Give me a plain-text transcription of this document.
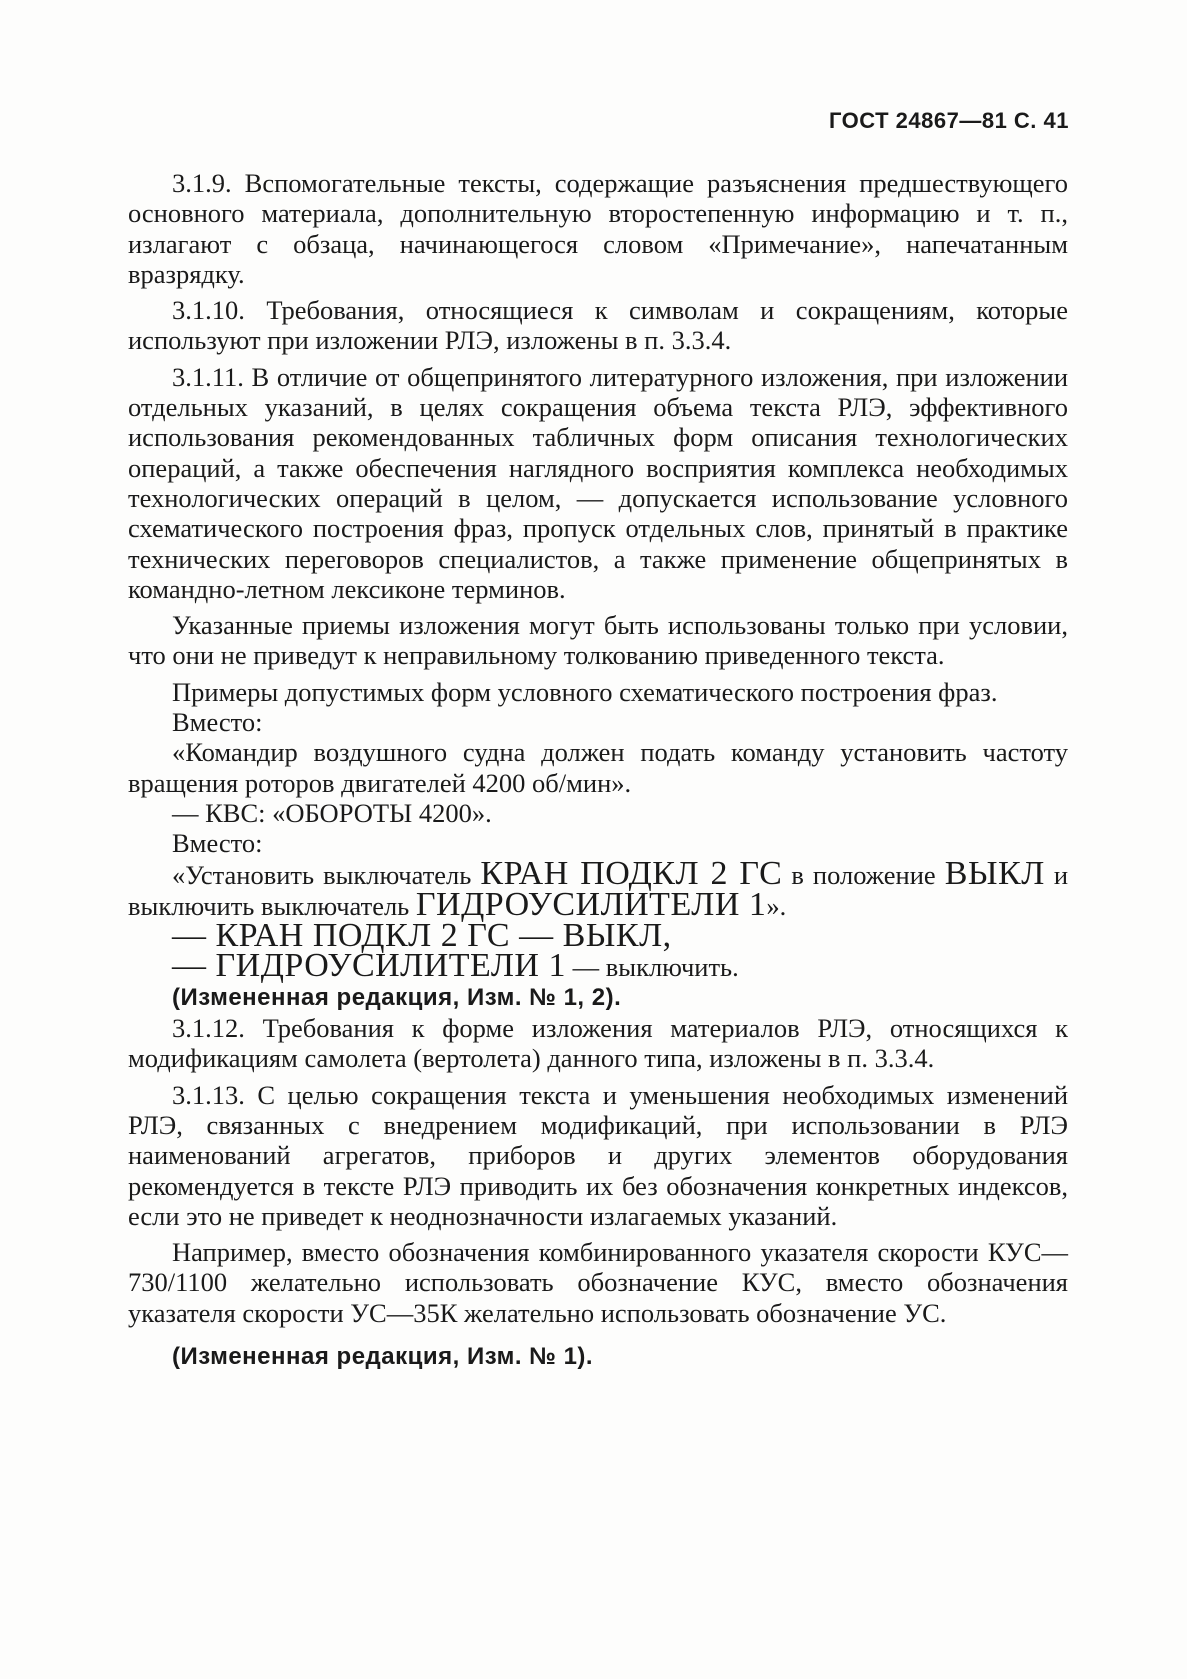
ГОСТ 24867—81 С. 41

3.1.9. Вспомогательные тексты, содержащие разъяснения предшествующего основного материала, дополнительную второстепенную информацию и т. п., излагают с обзаца, начинающегося словом «Примечание», напечатанным вразрядку.

3.1.10. Требования, относящиеся к символам и сокращениям, которые используют при изложении РЛЭ, изложены в п. 3.3.4.

3.1.11. В отличие от общепринятого литературного изложения, при изложении отдельных указаний, в целях сокращения объема текста РЛЭ, эффективного использования рекомендованных табличных форм описания технологических операций, а также обеспечения наглядного восприятия комплекса необходимых технологических операций в целом, — допускается использование условного схематического построения фраз, пропуск отдельных слов, принятый в практике технических переговоров специалистов, а также применение общепринятых в командно-летном лексиконе терминов.

Указанные приемы изложения могут быть использованы только при условии, что они не приведут к неправильному толкованию приведенного текста.

Примеры допустимых форм условного схематического построения фраз.

Вместо:

«Командир воздушного судна должен подать команду установить частоту вращения роторов двигателей 4200 об/мин».

— КВС: «ОБОРОТЫ 4200».

Вместо:

«Установить выключатель КРАН ПОДКЛ 2 ГС в положение ВЫКЛ и выключить выключатель ГИДРОУСИЛИТЕЛИ 1».

— КРАН ПОДКЛ 2 ГС — ВЫКЛ,

— ГИДРОУСИЛИТЕЛИ 1 — выключить.

(Измененная редакция, Изм. № 1, 2).

3.1.12. Требования к форме изложения материалов РЛЭ, относящихся к модификациям самолета (вертолета) данного типа, изложены в п. 3.3.4.

3.1.13. С целью сокращения текста и уменьшения необходимых изменений РЛЭ, связанных с внедрением модификаций, при использовании в РЛЭ наименований агрегатов, приборов и других элементов оборудования рекомендуется в тексте РЛЭ приводить их без обозначения конкретных индексов, если это не приведет к неоднозначности излагаемых указаний.

Например, вместо обозначения комбинированного указателя скорости КУС—730/1100 желательно использовать обозначение КУС, вместо обозначения указателя скорости УС—35К желательно использовать обозначение УС.

(Измененная редакция, Изм. № 1).
